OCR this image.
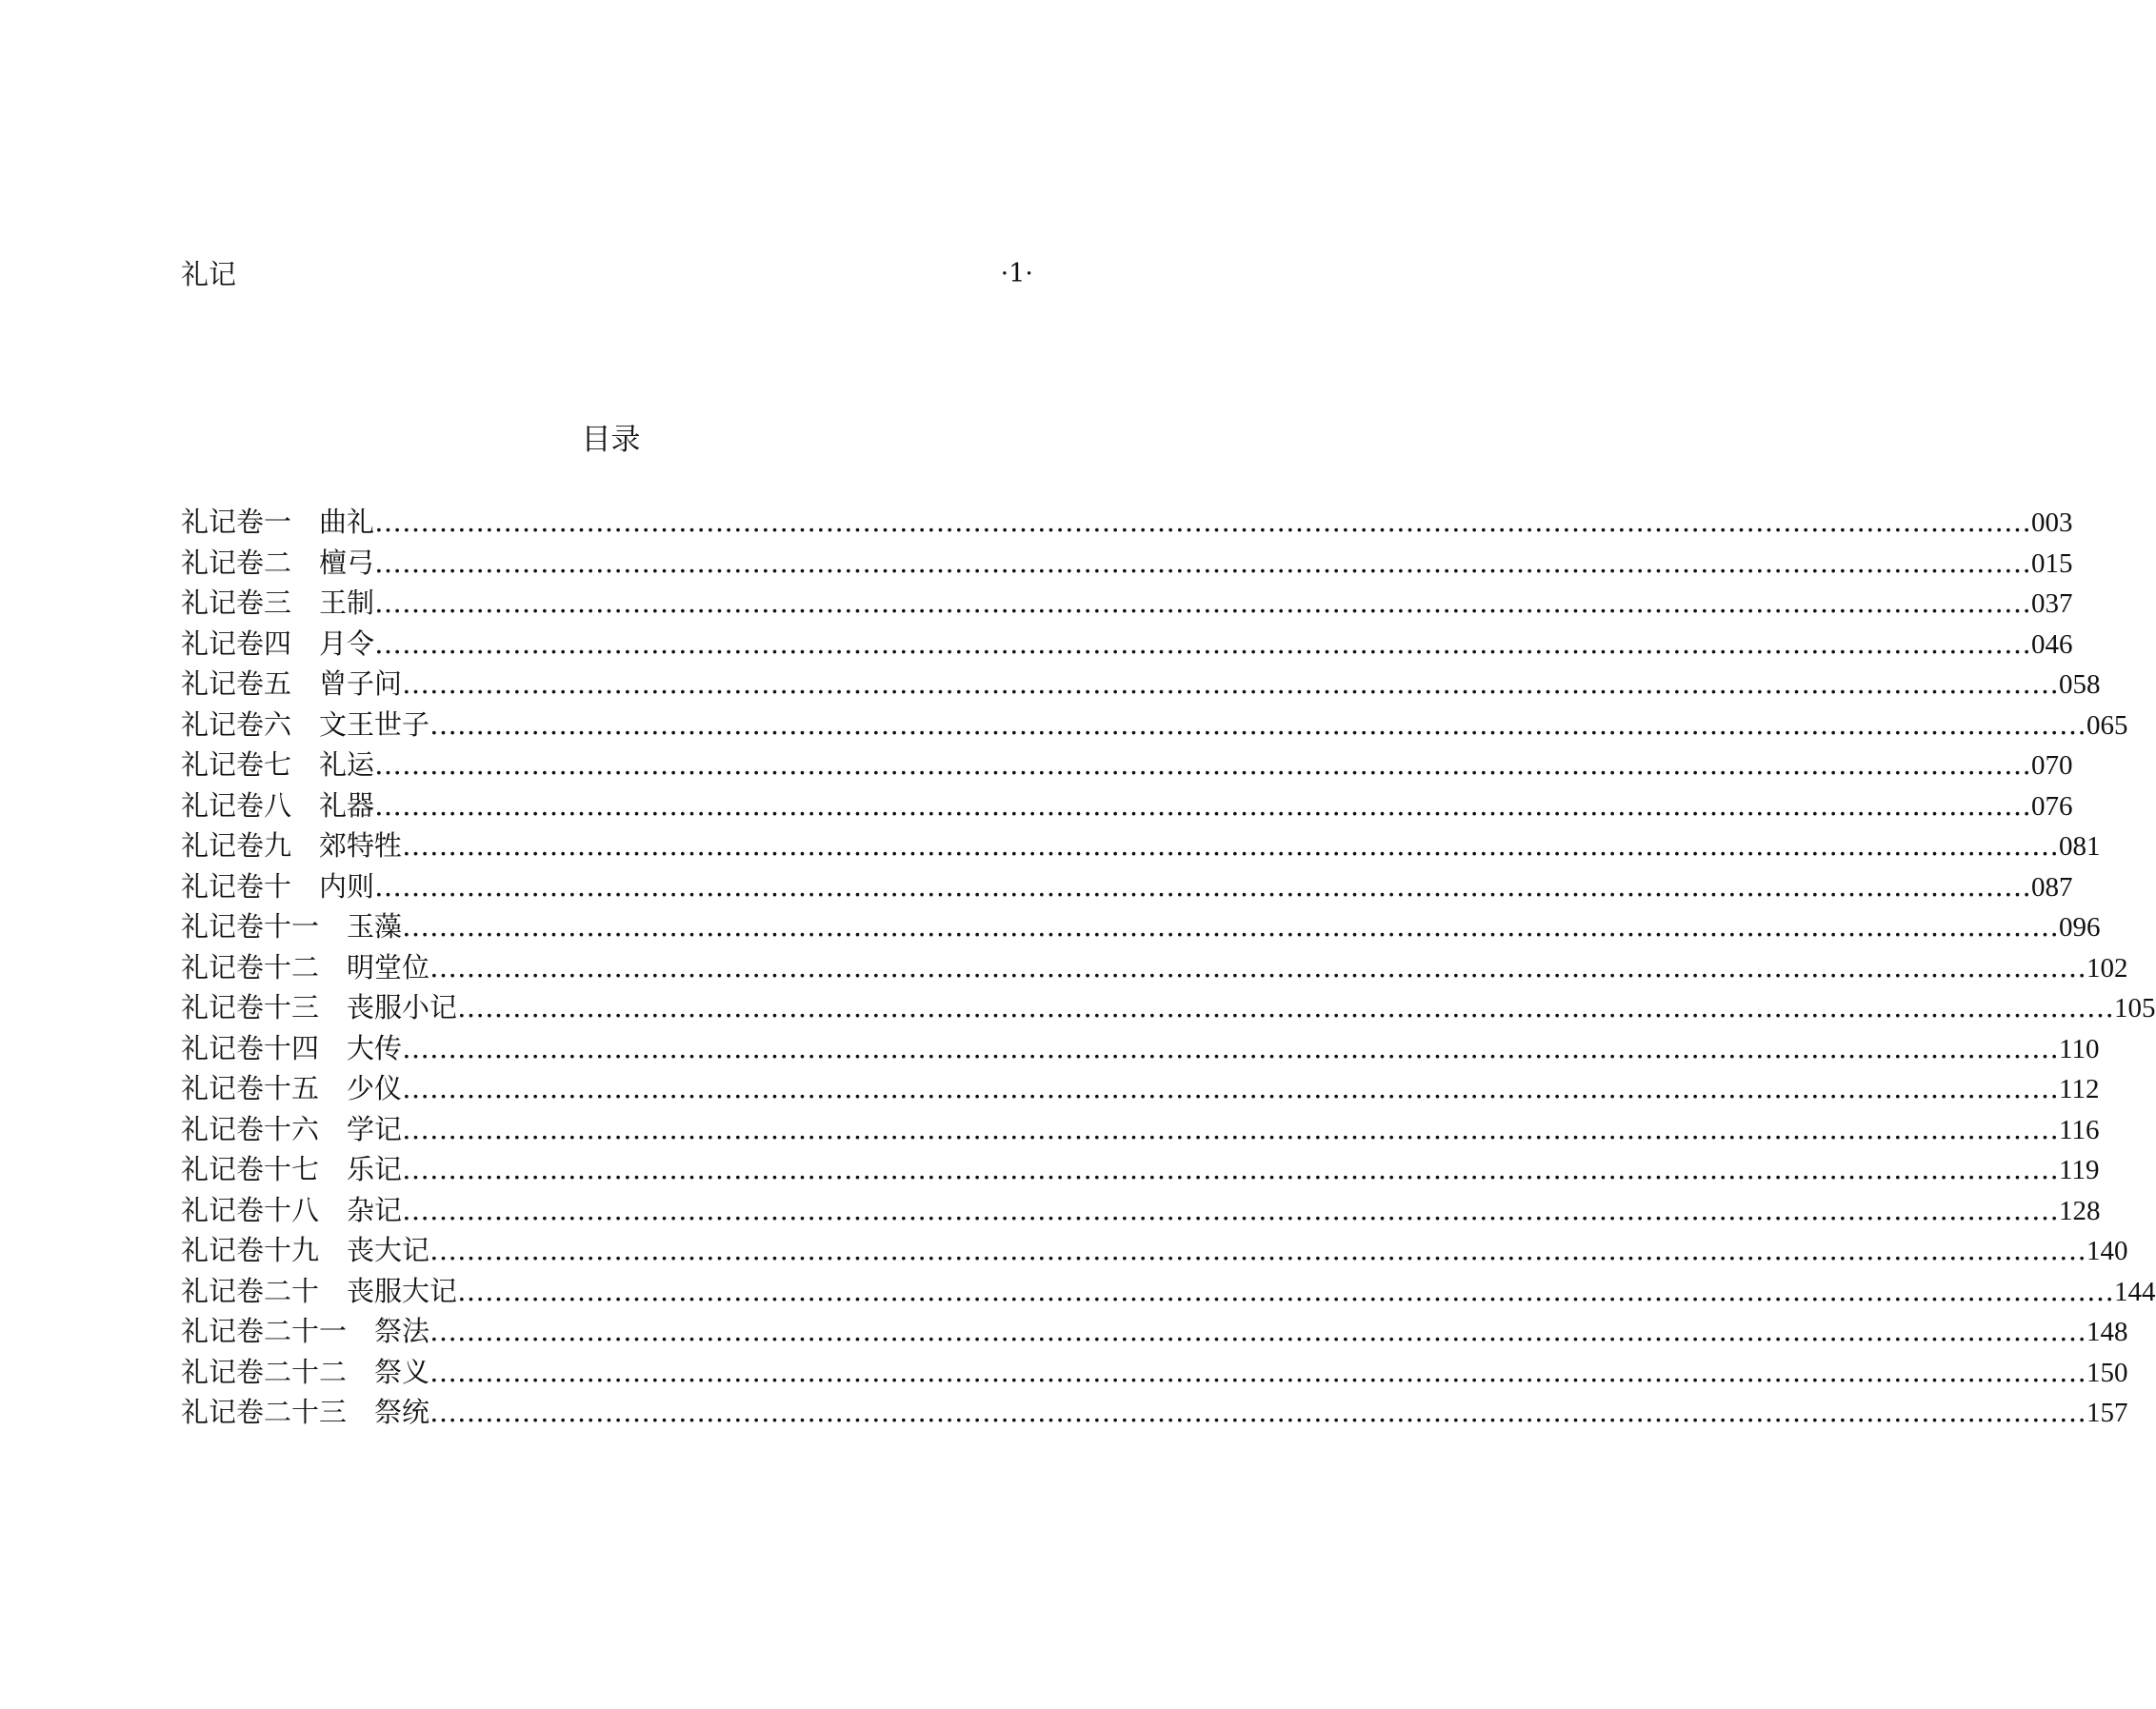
礼记	·1·
目录
礼记卷一 曲礼 ……………………………………………………………………………………………………………………………………………………………… 003
礼记卷二 檀弓 ……………………………………………………………………………………………………………………………………………………………… 015
礼记卷三 王制 ……………………………………………………………………………………………………………………………………………………………… 037
礼记卷四 月令 ……………………………………………………………………………………………………………………………………………………………… 046
礼记卷五 曾子问 ……………………………………………………………………………………………………………………………………………………………… 058
礼记卷六 文王世子 ……………………………………………………………………………………………………………………………………………………………… 065
礼记卷七 礼运 ……………………………………………………………………………………………………………………………………………………………… 070
礼记卷八 礼器 ……………………………………………………………………………………………………………………………………………………………… 076
礼记卷九 郊特牲 ……………………………………………………………………………………………………………………………………………………………… 081
礼记卷十 内则 ……………………………………………………………………………………………………………………………………………………………… 087
礼记卷十一 玉藻 ……………………………………………………………………………………………………………………………………………………………… 096
礼记卷十二 明堂位 ……………………………………………………………………………………………………………………………………………………………… 102
礼记卷十三 丧服小记 ……………………………………………………………………………………………………………………………………………………………… 105
礼记卷十四 大传 ……………………………………………………………………………………………………………………………………………………………… 110
礼记卷十五 少仪 ……………………………………………………………………………………………………………………………………………………………… 112
礼记卷十六 学记 ……………………………………………………………………………………………………………………………………………………………… 116
礼记卷十七 乐记 ……………………………………………………………………………………………………………………………………………………………… 119
礼记卷十八 杂记 ……………………………………………………………………………………………………………………………………………………………… 128
礼记卷十九 丧大记 ……………………………………………………………………………………………………………………………………………………………… 140
礼记卷二十 丧服大记 ……………………………………………………………………………………………………………………………………………………………… 144
礼记卷二十一 祭法 ……………………………………………………………………………………………………………………………………………………………… 148
礼记卷二十二 祭义 ……………………………………………………………………………………………………………………………………………………………… 150
礼记卷二十三 祭统 ……………………………………………………………………………………………………………………………………………………………… 157
